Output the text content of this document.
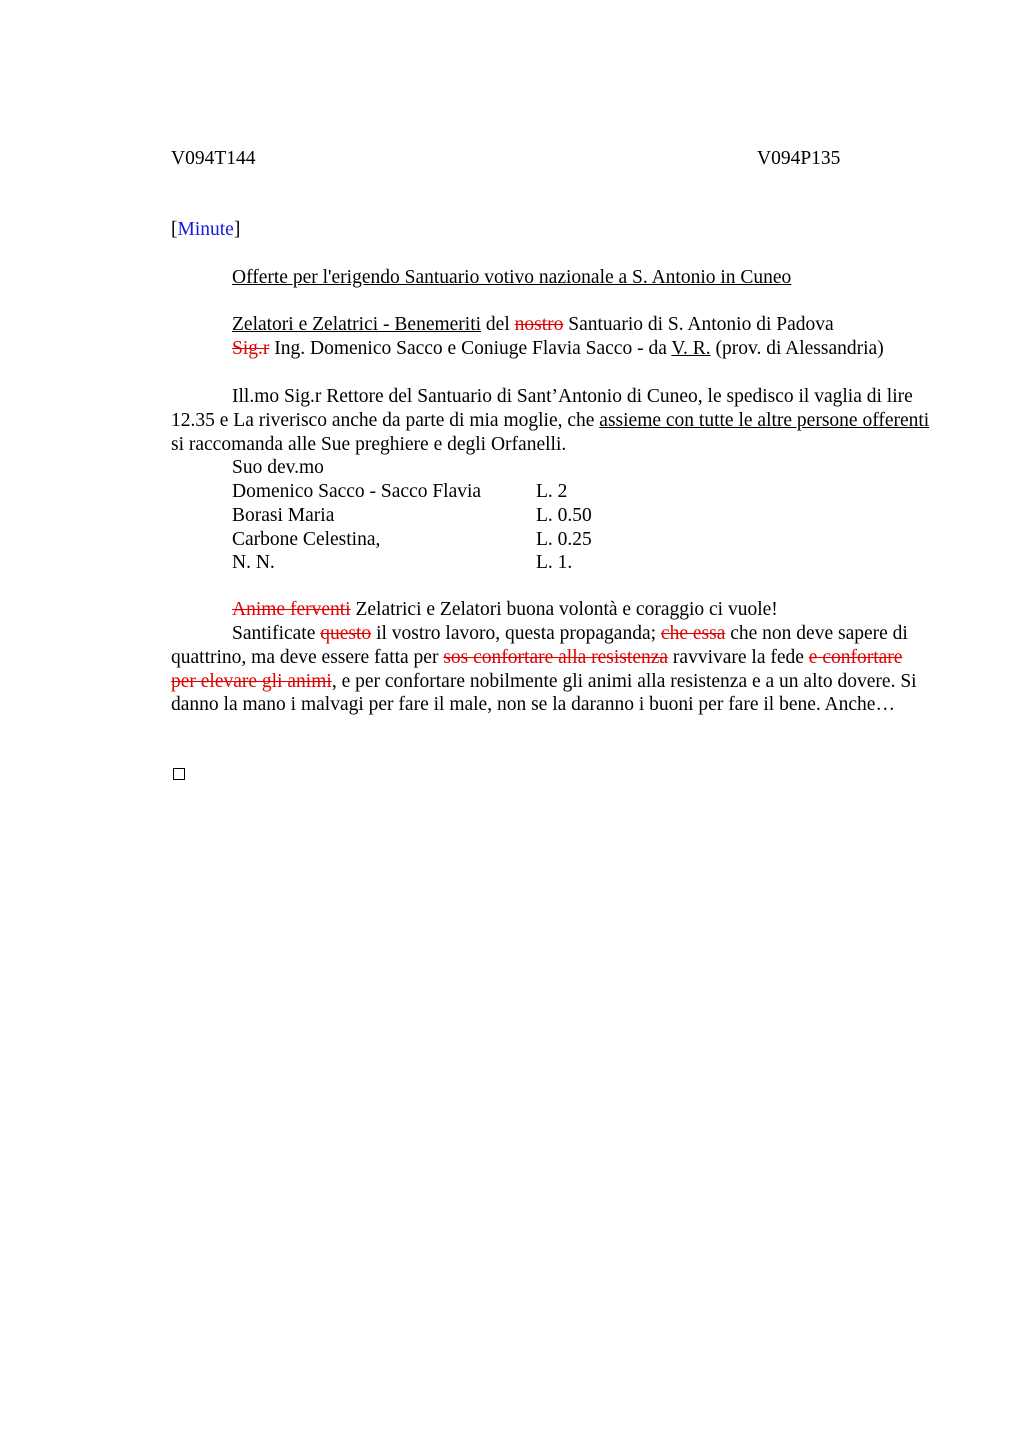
V094T144	V094P135
[Minute]
Offerte per l'erigendo Santuario votivo nazionale a S. Antonio in Cuneo
Zelatori e Zelatrici - Benemeriti del nostro Santuario di S. Antonio di Padova
Sig.r Ing. Domenico Sacco e Coniuge Flavia Sacco - da V. R. (prov. di Alessandria)
Ill.mo Sig.r Rettore del Santuario di Sant’Antonio di Cuneo, le spedisco il vaglia di lire 12.35 e La riverisco anche da parte di mia moglie, che assieme con tutte le altre persone offerenti si raccomanda alle Sue preghiere e degli Orfanelli.
Suo dev.mo
Domenico Sacco - Sacco Flavia	L. 2
Borasi Maria	L. 0.50
Carbone Celestina,	L. 0.25
N. N.	L. 1.
Anime ferventi Zelatrici e Zelatori buona volontà e coraggio ci vuole!
Santificate questo il vostro lavoro, questa propaganda; che essa che non deve sapere di quattrino, ma deve essere fatta per sos confortare alla resistenza ravvivare la fede e confortare per elevare gli animi, e per confortare nobilmente gli animi alla resistenza e a un alto dovere. Si danno la mano i malvagi per fare il male, non se la daranno i buoni per fare il bene. Anche…
